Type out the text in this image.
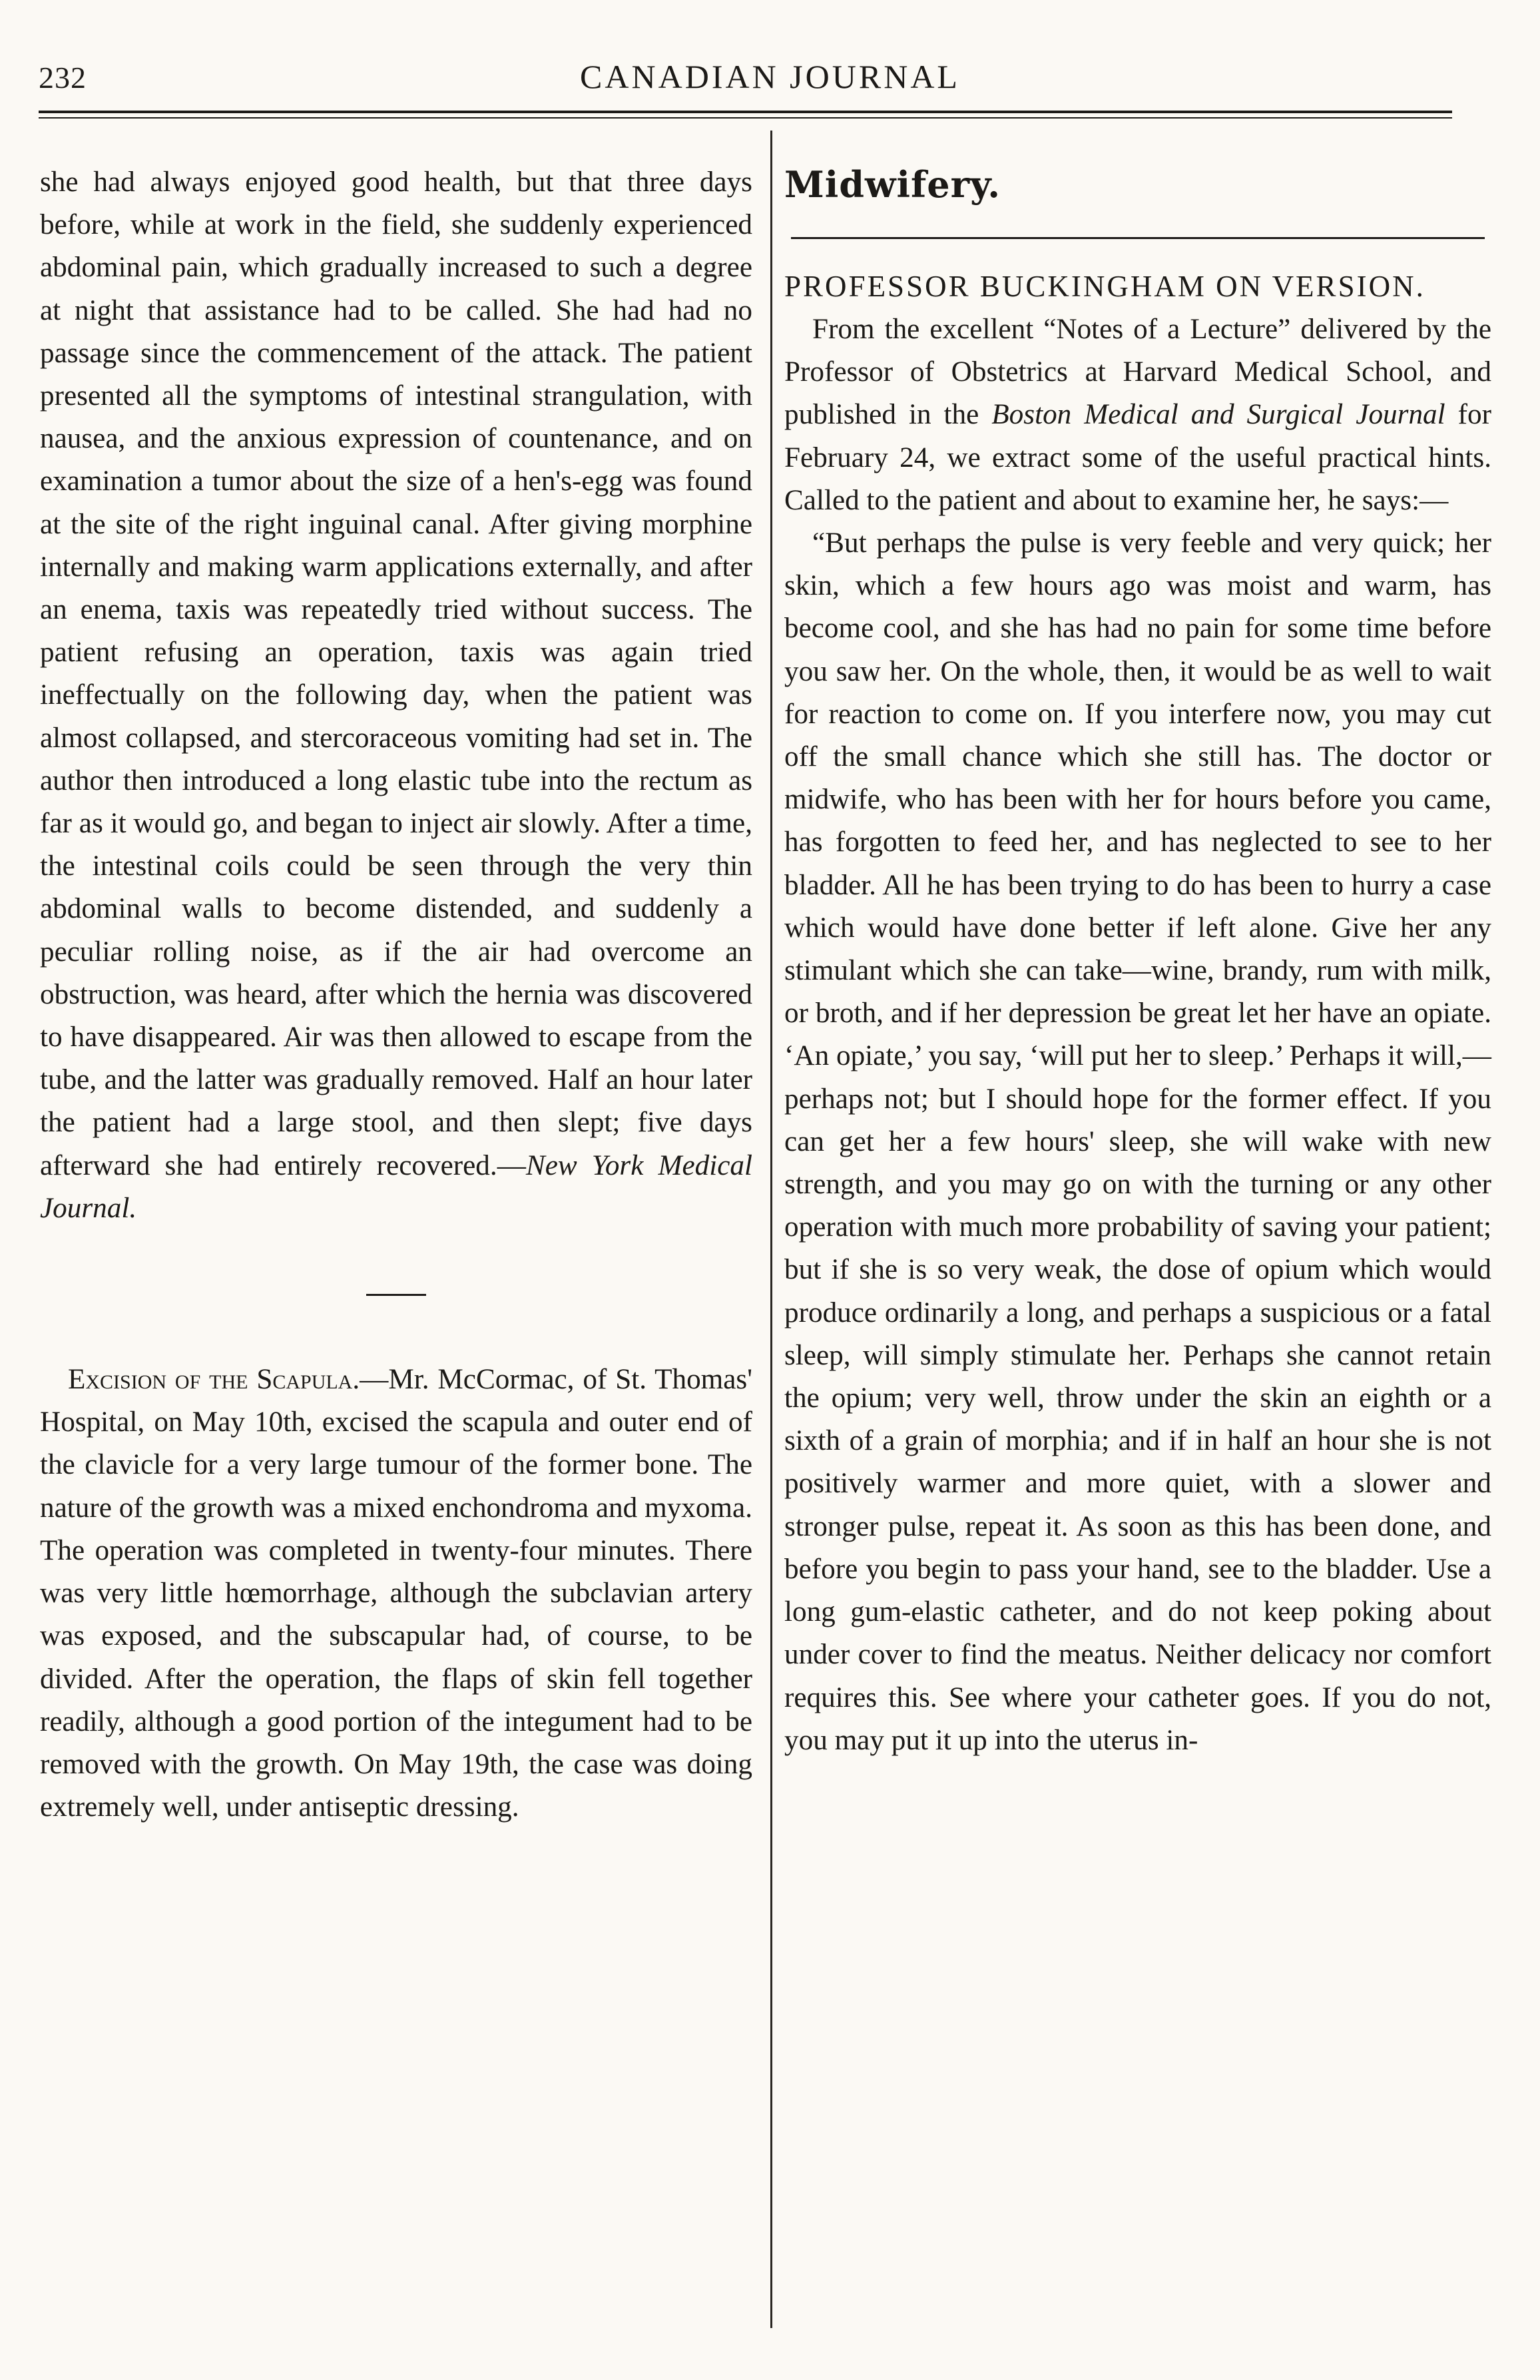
232	CANADIAN JOURNAL

she had always enjoyed good health, but that three days before, while at work in the field, she suddenly experienced abdominal pain, which gradually increased to such a degree at night that assistance had to be called. She had had no passage since the commencement of the attack. The patient presented all the symptoms of intestinal strangulation, with nausea, and the anxious expression of countenance, and on examination a tumor about the size of a hen's-egg was found at the site of the right inguinal canal. After giving morphine internally and making warm applications externally, and after an enema, taxis was repeatedly tried without success. The patient refusing an operation, taxis was again tried ineffectually on the following day, when the patient was almost collapsed, and stercoraceous vomiting had set in. The author then introduced a long elastic tube into the rectum as far as it would go, and began to inject air slowly. After a time, the intestinal coils could be seen through the very thin abdominal walls to become distended, and suddenly a peculiar rolling noise, as if the air had overcome an obstruction, was heard, after which the hernia was discovered to have disappeared. Air was then allowed to escape from the tube, and the latter was gradually removed. Half an hour later the patient had a large stool, and then slept; five days afterward she had entirely recovered.—New York Medical Journal.

Excision of the Scapula.—Mr. McCormac, of St. Thomas' Hospital, on May 10th, excised the scapula and outer end of the clavicle for a very large tumour of the former bone. The nature of the growth was a mixed enchondroma and myxoma. The operation was completed in twenty-four minutes. There was very little hœmorrhage, although the subclavian artery was exposed, and the subscapular had, of course, to be divided. After the operation, the flaps of skin fell together readily, although a good portion of the integument had to be removed with the growth. On May 19th, the case was doing extremely well, under antiseptic dressing.

Midwifery.

PROFESSOR BUCKINGHAM ON VERSION.

From the excellent “Notes of a Lecture” delivered by the Professor of Obstetrics at Harvard Medical School, and published in the Boston Medical and Surgical Journal for February 24, we extract some of the useful practical hints. Called to the patient and about to examine her, he says:—

“But perhaps the pulse is very feeble and very quick; her skin, which a few hours ago was moist and warm, has become cool, and she has had no pain for some time before you saw her. On the whole, then, it would be as well to wait for reaction to come on. If you interfere now, you may cut off the small chance which she still has. The doctor or midwife, who has been with her for hours before you came, has forgotten to feed her, and has neglected to see to her bladder. All he has been trying to do has been to hurry a case which would have done better if left alone. Give her any stimulant which she can take—wine, brandy, rum with milk, or broth, and if her depression be great let her have an opiate. ‘An opiate,’ you say, ‘will put her to sleep.’ Perhaps it will,—perhaps not; but I should hope for the former effect. If you can get her a few hours' sleep, she will wake with new strength, and you may go on with the turning or any other operation with much more probability of saving your patient; but if she is so very weak, the dose of opium which would produce ordinarily a long, and perhaps a suspicious or a fatal sleep, will simply stimulate her. Perhaps she cannot retain the opium; very well, throw under the skin an eighth or a sixth of a grain of morphia; and if in half an hour she is not positively warmer and more quiet, with a slower and stronger pulse, repeat it. As soon as this has been done, and before you begin to pass your hand, see to the bladder. Use a long gum-elastic catheter, and do not keep poking about under cover to find the meatus. Neither delicacy nor comfort requires this. See where your catheter goes. If you do not, you may put it up into the uterus in-
